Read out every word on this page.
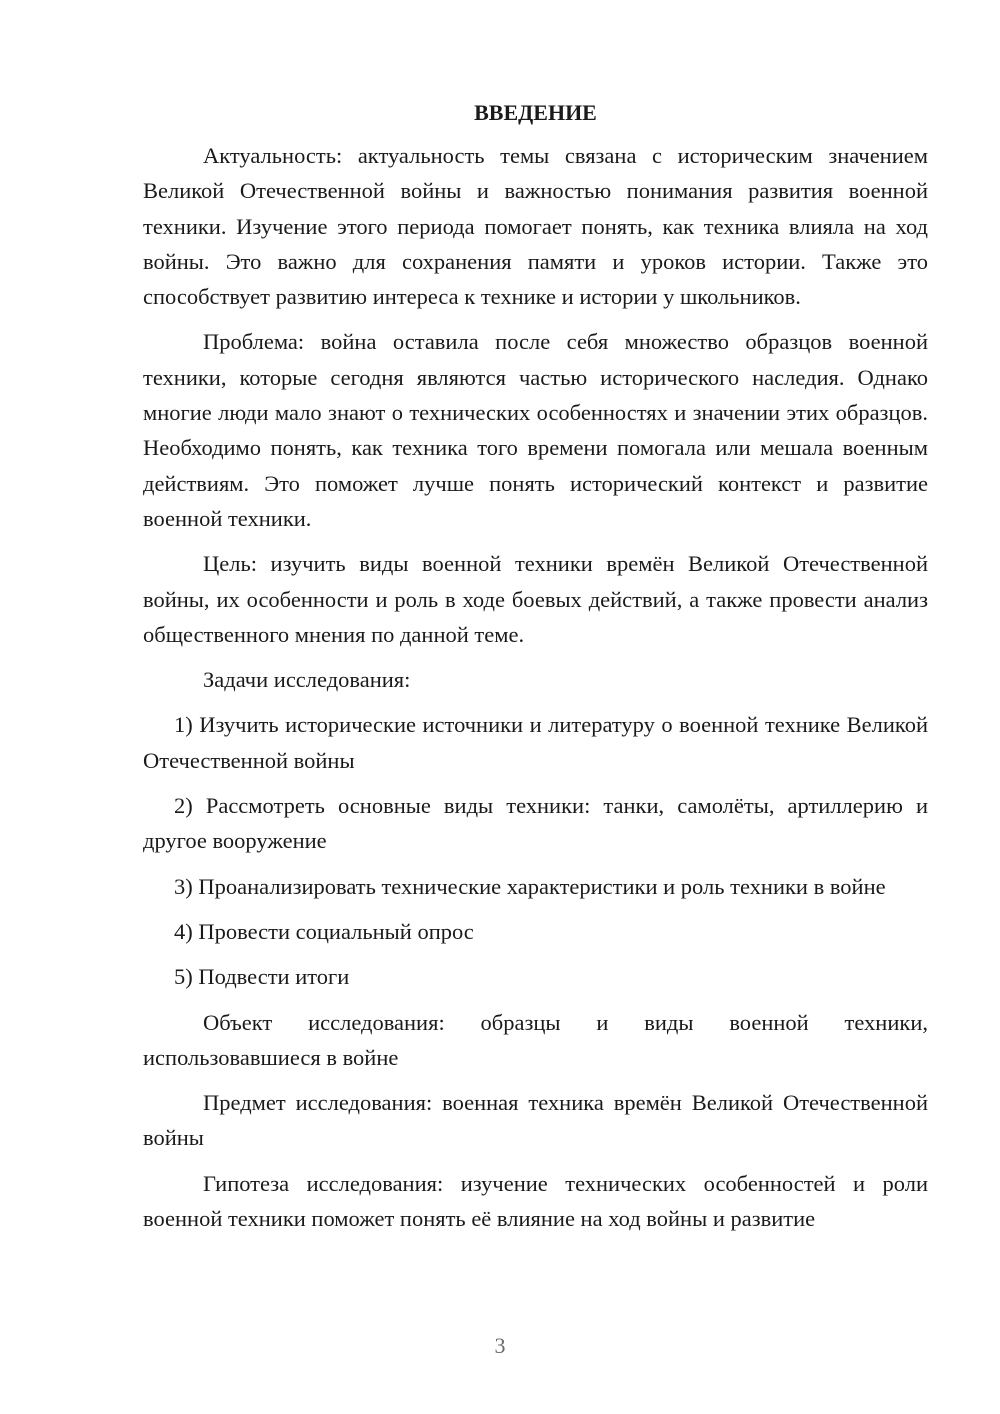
ВВЕДЕНИЕ

Актуальность: актуальность темы связана с историческим значением Великой Отечественной войны и важностью понимания развития военной техники. Изучение этого периода помогает понять, как техника влияла на ход войны. Это важно для сохранения памяти и уроков истории. Также это способствует развитию интереса к технике и истории у школьников.

Проблема: война оставила после себя множество образцов военной техники, которые сегодня являются частью исторического наследия. Однако многие люди мало знают о технических особенностях и значении этих образцов. Необходимо понять, как техника того времени помогала или мешала военным действиям. Это поможет лучше понять исторический контекст и развитие военной техники.

Цель: изучить виды военной техники времён Великой Отечественной войны, их особенности и роль в ходе боевых действий, а также провести анализ общественного мнения по данной теме.

Задачи исследования:

1) Изучить исторические источники и литературу о военной технике Великой Отечественной войны

2) Рассмотреть основные виды техники: танки, самолёты, артиллерию и другое вооружение

3) Проанализировать технические характеристики и роль техники в войне

4) Провести социальный опрос

5) Подвести итоги

Объект исследования: образцы и виды военной техники, использовавшиеся в войне

Предмет исследования: военная техника времён Великой Отечественной войны

Гипотеза исследования: изучение технических особенностей и роли военной техники поможет понять её влияние на ход войны и развитие

3
